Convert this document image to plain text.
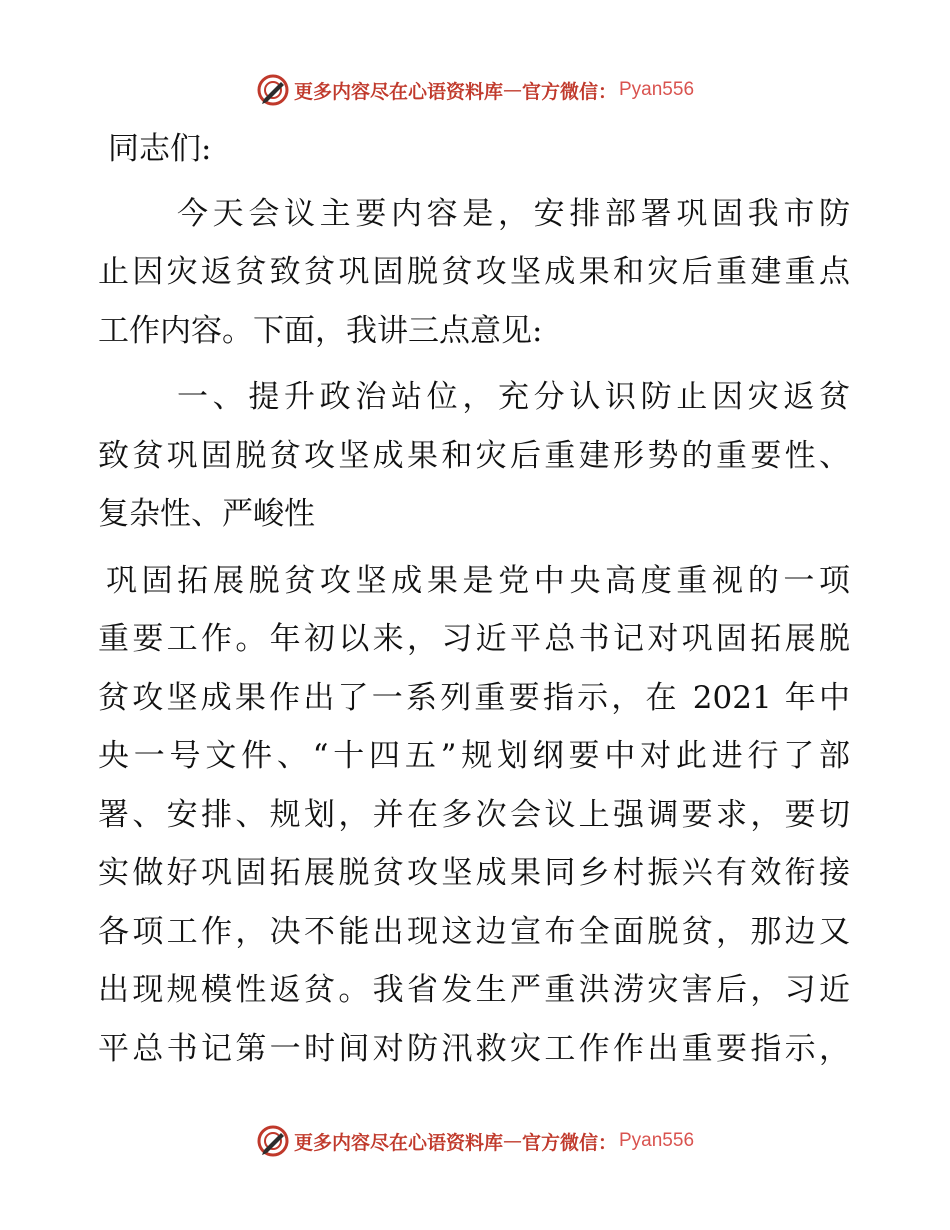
更多内容尽在心语资料库 — 官方微信： Pyan556
同志们:
今天会议主要内容是，安排部署巩固我市防
止因灾返贫致贫巩固脱贫攻坚成果和灾后重建重点
工作内容。下面，我讲三点意见:
一、提升政治站位，充分认识防止因灾返贫
致贫巩固脱贫攻坚成果和灾后重建形势的重要性、
复杂性、严峻性
巩固拓展脱贫攻坚成果是党中央高度重视的一项
重要工作。年初以来，习近平总书记对巩固拓展脱
贫攻坚成果作出了一系列重要指示，在 2021 年中
央一号文件、“十四五”规划纲要中对此进行了部
署、安排、规划，并在多次会议上强调要求，要切
实做好巩固拓展脱贫攻坚成果同乡村振兴有效衔接
各项工作，决不能出现这边宣布全面脱贫，那边又
出现规模性返贫。我省发生严重洪涝灾害后，习近
平总书记第一时间对防汛救灾工作作出重要指示，
更多内容尽在心语资料库 — 官方微信： Pyan556
